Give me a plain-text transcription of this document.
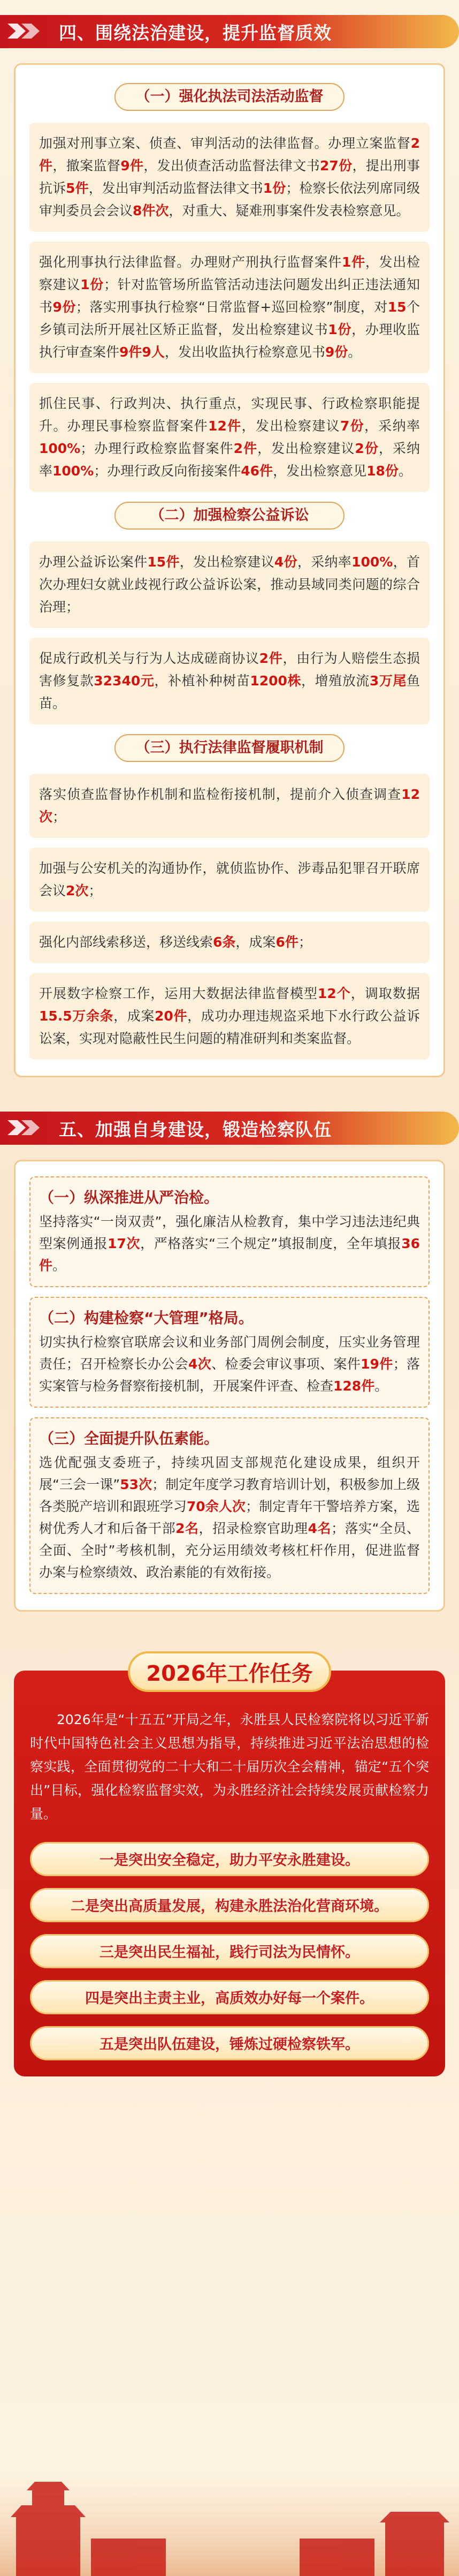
四、围绕法治建设，提升监督质效
（一）强化执法司法活动监督
加强对刑事立案、侦查、审判活动的法律监督。办理立案监督2件，撤案监督9件，发出侦查活动监督法律文书27份，提出刑事抗诉5件，发出审判活动监督法律文书1份；检察长依法列席同级审判委员会会议8件次，对重大、疑难刑事案件发表检察意见。
强化刑事执行法律监督。办理财产刑执行监督案件1件，发出检察建议1份；针对监管场所监管活动违法问题发出纠正违法通知书9份；落实刑事执行检察“日常监督+巡回检察”制度，对15个乡镇司法所开展社区矫正监督，发出检察建议书1份，办理收监执行审查案件9件9人，发出收监执行检察意见书9份。
抓住民事、行政判决、执行重点，实现民事、行政检察职能提升。办理民事检察监督案件12件，发出检察建议7份，采纳率100%；办理行政检察监督案件2件，发出检察建议2份，采纳率100%；办理行政反向衔接案件46件，发出检察意见18份。
（二）加强检察公益诉讼
办理公益诉讼案件15件，发出检察建议4份，采纳率100%，首次办理妇女就业歧视行政公益诉讼案，推动县域同类问题的综合治理；
促成行政机关与行为人达成磋商协议2件，由行为人赔偿生态损害修复款32340元，补植补种树苗1200株，增殖放流3万尾鱼苗。
（三）执行法律监督履职机制
落实侦查监督协作机制和监检衔接机制，提前介入侦查调查12次；
加强与公安机关的沟通协作，就侦监协作、涉毒品犯罪召开联席会议2次；
强化内部线索移送，移送线索6条，成案6件；
开展数字检察工作，运用大数据法律监督模型12个，调取数据15.5万余条，成案20件，成功办理违规盗采地下水行政公益诉讼案，实现对隐蔽性民生问题的精准研判和类案监督。
五、加强自身建设，锻造检察队伍
（一）纵深推进从严治检。
坚持落实“一岗双责”，强化廉洁从检教育，集中学习违法违纪典型案例通报17次，严格落实“三个规定”填报制度，全年填报36件。
（二）构建检察“大管理”格局。
切实执行检察官联席会议和业务部门周例会制度，压实业务管理责任；召开检察长办公会4次、检委会审议事项、案件19件；落实案管与检务督察衔接机制，开展案件评查、检查128件。
（三）全面提升队伍素能。
选优配强支委班子，持续巩固支部规范化建设成果，组织开展“三会一课”53次；制定年度学习教育培训计划，积极参加上级各类脱产培训和跟班学习70余人次；制定青年干警培养方案，选树优秀人才和后备干部2名，招录检察官助理4名；落实“全员、全面、全时”考核机制，充分运用绩效考核杠杆作用，促进监督办案与检察绩效、政治素能的有效衔接。
2026年工作任务
2026年是“十五五”开局之年，永胜县人民检察院将以习近平新时代中国特色社会主义思想为指导，持续推进习近平法治思想的检察实践，全面贯彻党的二十大和二十届历次全会精神，锚定“五个突出”目标，强化检察监督实效，为永胜经济社会持续发展贡献检察力量。
一是突出安全稳定，助力平安永胜建设。
二是突出高质量发展，构建永胜法治化营商环境。
三是突出民生福祉，践行司法为民情怀。
四是突出主责主业，高质效办好每一个案件。
五是突出队伍建设，锤炼过硬检察铁军。
